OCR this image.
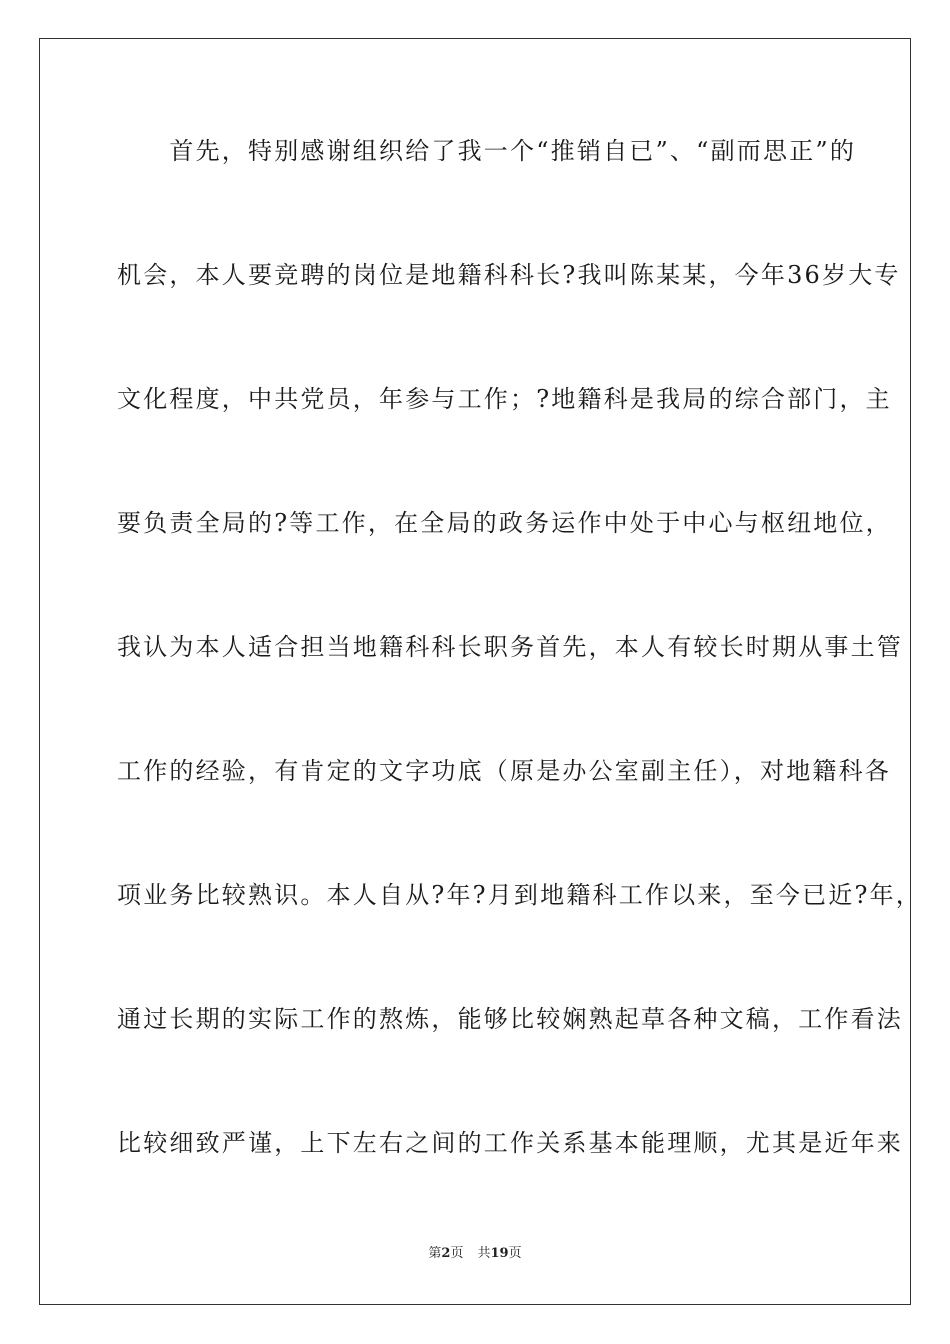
　　首先，特别感谢组织给了我一个“推销自已”、“副而思正”的

机会，本人要竞聘的岗位是地籍科科长?我叫陈某某，今年36岁大专

文化程度，中共党员，年参与工作；?地籍科是我局的综合部门，主

要负责全局的?等工作，在全局的政务运作中处于中心与枢纽地位，

我认为本人适合担当地籍科科长职务首先，本人有较长时期从事土管

工作的经验，有肯定的文字功底（原是办公室副主任），对地籍科各

项业务比较熟识。本人自从?年?月到地籍科工作以来，至今已近?年，

通过长期的实际工作的熬炼，能够比较娴熟起草各种文稿，工作看法

比较细致严谨，上下左右之间的工作关系基本能理顺，尤其是近年来

第2页 共19页
